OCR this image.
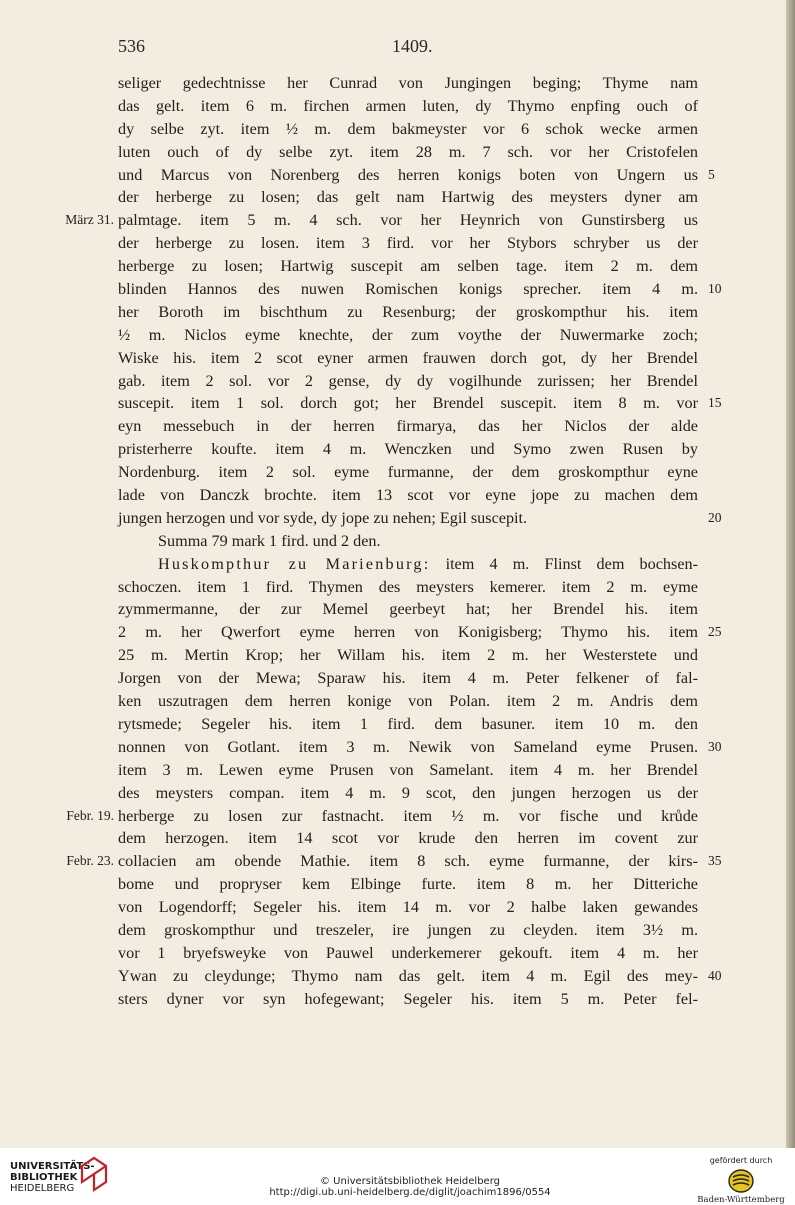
536	1409.
seliger gedechtnisse her Cunrad von Jungingen beging; Thyme nam
das gelt. item 6 m. firchen armen luten, dy Thymo enpfing ouch of
dy selbe zyt. item ½ m. dem bakmeyster vor 6 schok wecke armen
luten ouch of dy selbe zyt. item 28 m. 7 sch. vor her Cristofelen
und Marcus von Norenberg des herren konigs boten von Ungern us 5
der herberge zu losen; das gelt nam Hartwig des meysters dyner am
palmtage. item 5 m. 4 sch. vor her Heynrich von Gunstirsberg us
März 31.
der herberge zu losen. item 3 fird. vor her Stybors schryber us der
herberge zu losen; Hartwig suscepit am selben tage. item 2 m. dem
blinden Hannos des nuwen Romischen konigs sprecher. item 4 m. 10
her Boroth im bischthum zu Resenburg; der groskompthur his. item
½ m. Niclos eyme knechte, der zum voythe der Nuwermarke zoch;
Wiske his. item 2 scot eyner armen frauwen dorch got, dy her Brendel
gab. item 2 sol. vor 2 gense, dy dy vogilhunde zurissen; her Brendel
suscepit. item 1 sol. dorch got; her Brendel suscepit. item 8 m. vor 15
eyn messebuch in der herren firmarya, das her Niclos der alde
pristerherre koufte. item 4 m. Wenczken und Symo zwen Rusen by
Nordenburg. item 2 sol. eyme furmanne, der dem groskompthur eyne
lade von Danczk brochte. item 13 scot vor eyne jope zu machen dem
jungen herzogen und vor syde, dy jope zu nehen; Egil suscepit.	20
Summa 79 mark 1 fird. und 2 den.
Huskompthur zu Marienburg: item 4 m. Flinst dem bochsen-
schoczen. item 1 fird. Thymen des meysters kemerer. item 2 m. eyme
zymmermanne, der zur Memel geerbeyt hat; her Brendel his. item
2 m. her Qwerfort eyme herren von Konigisberg; Thymo his. item 25
25 m. Mertin Krop; her Willam his. item 2 m. her Westerstete und
Jorgen von der Mewa; Sparaw his. item 4 m. Peter felkener of fal-
ken uszutragen dem herren konige von Polan. item 2 m. Andris dem
rytsmede; Segeler his. item 1 fird. dem basuner. item 10 m. den
nonnen von Gotlant. item 3 m. Newik von Sameland eyme Prusen. 30
item 3 m. Lewen eyme Prusen von Samelant. item 4 m. her Brendel
des meysters compan. item 4 m. 9 scot, den jungen herzogen us der
herberge zu losen zur fastnacht. item ½ m. vor fische und krůde
Febr. 19.
dem herzogen. item 14 scot vor krude den herren im covent zur
collacien am obende Mathie. item 8 sch. eyme furmanne, der kirs-
Febr. 23.	35
bome und propryser kem Elbinge furte. item 8 m. her Ditteriche
von Logendorff; Segeler his. item 14 m. vor 2 halbe laken gewandes
dem groskompthur und treszeler, ire jungen zu cleyden. item 3½ m.
vor 1 bryefsweyke von Pauwel underkemerer gekouft. item 4 m. her
Ywan zu cleydunge; Thymo nam das gelt. item 4 m. Egil des mey- 40
sters dyner vor syn hofegewant; Segeler his. item 5 m. Peter fel-
UNIVERSITÄTS-
BIBLIOTHEK
HEIDELBERG
© Universitätsbibliothek Heidelberg
http://digi.ub.uni-heidelberg.de/diglit/joachim1896/0554
gefördert durch
Baden-Württemberg
